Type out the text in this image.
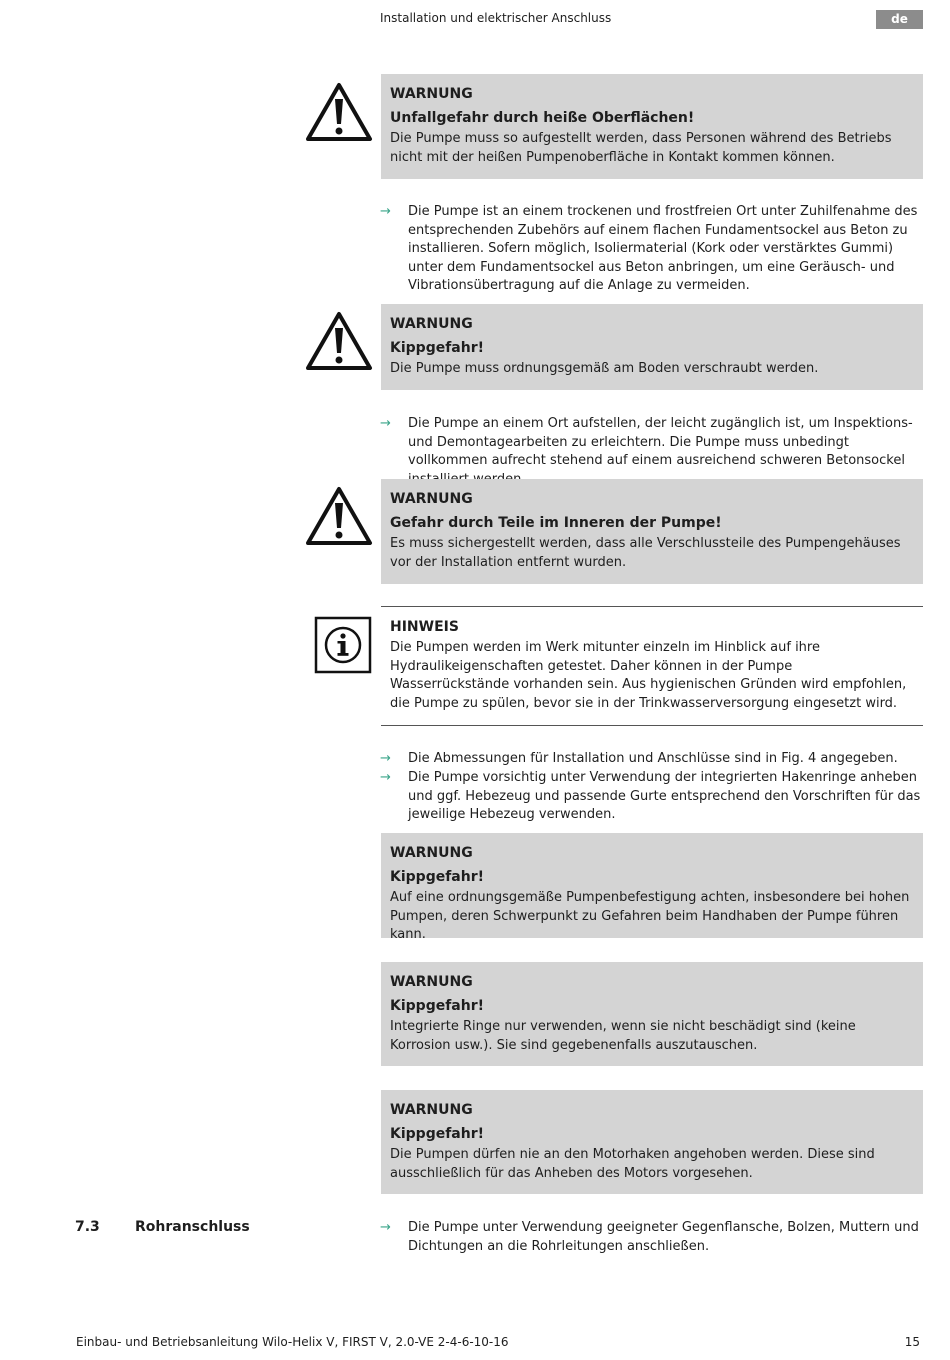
Installation und elektrischer Anschluss	de
WARNUNG
Unfallgefahr durch heiße Oberflächen!
Die Pumpe muss so aufgestellt werden, dass Personen während des Betriebs nicht mit der heißen Pumpenoberfläche in Kontakt kommen können.
→ Die Pumpe ist an einem trockenen und frostfreien Ort unter Zuhilfenahme des entsprechenden Zubehörs auf einem flachen Fundamentsockel aus Beton zu installieren. Sofern möglich, Isoliermaterial (Kork oder verstärktes Gummi) unter dem Fundamentsockel aus Beton anbringen, um eine Geräusch- und Vibrationsübertragung auf die Anlage zu vermeiden.
WARNUNG
Kippgefahr!
Die Pumpe muss ordnungsgemäß am Boden verschraubt werden.
→ Die Pumpe an einem Ort aufstellen, der leicht zugänglich ist, um Inspektions- und Demontagearbeiten zu erleichtern. Die Pumpe muss unbedingt vollkommen aufrecht stehend auf einem ausreichend schweren Betonsockel
WARNUNG
Gefahr durch Teile im Inneren der Pumpe!
Es muss sichergestellt werden, dass alle Verschlussteile des Pumpengehäuses vor der Installation entfernt wurden.
HINWEIS
Die Pumpen werden im Werk mitunter einzeln im Hinblick auf ihre Hydraulikeigenschaften getestet. Daher können in der Pumpe Wasserrückstände vorhanden sein. Aus hygienischen Gründen wird empfohlen, die Pumpe zu spülen, bevor sie in der Trinkwasserversorgung eingesetzt wird.
→ Die Abmessungen für Installation und Anschlüsse sind in Fig. 4 angegeben.
→ Die Pumpe vorsichtig unter Verwendung der integrierten Hakenringe anheben und ggf. Hebezeug und passende Gurte entsprechend den Vorschriften für das jeweilige Hebezeug verwenden.
WARNUNG
Kippgefahr!
Auf eine ordnungsgemäße Pumpenbefestigung achten, insbesondere bei hohen Pumpen, deren Schwerpunkt zu Gefahren beim Handhaben der Pumpe führen kann.
WARNUNG
Kippgefahr!
Integrierte Ringe nur verwenden, wenn sie nicht beschädigt sind (keine Korrosion usw.). Sie sind gegebenenfalls auszutauschen.
WARNUNG
Kippgefahr!
Die Pumpen dürfen nie an den Motorhaken angehoben werden. Diese sind ausschließlich für das Anheben des Motors vorgesehen.
7.3	Rohranschluss	→ Die Pumpe unter Verwendung geeigneter Gegenflansche, Bolzen, Muttern und Dichtungen an die Rohrleitungen anschließen.
Einbau- und Betriebsanleitung Wilo-Helix V, FIRST V, 2.0-VE 2-4-6-10-16	15
